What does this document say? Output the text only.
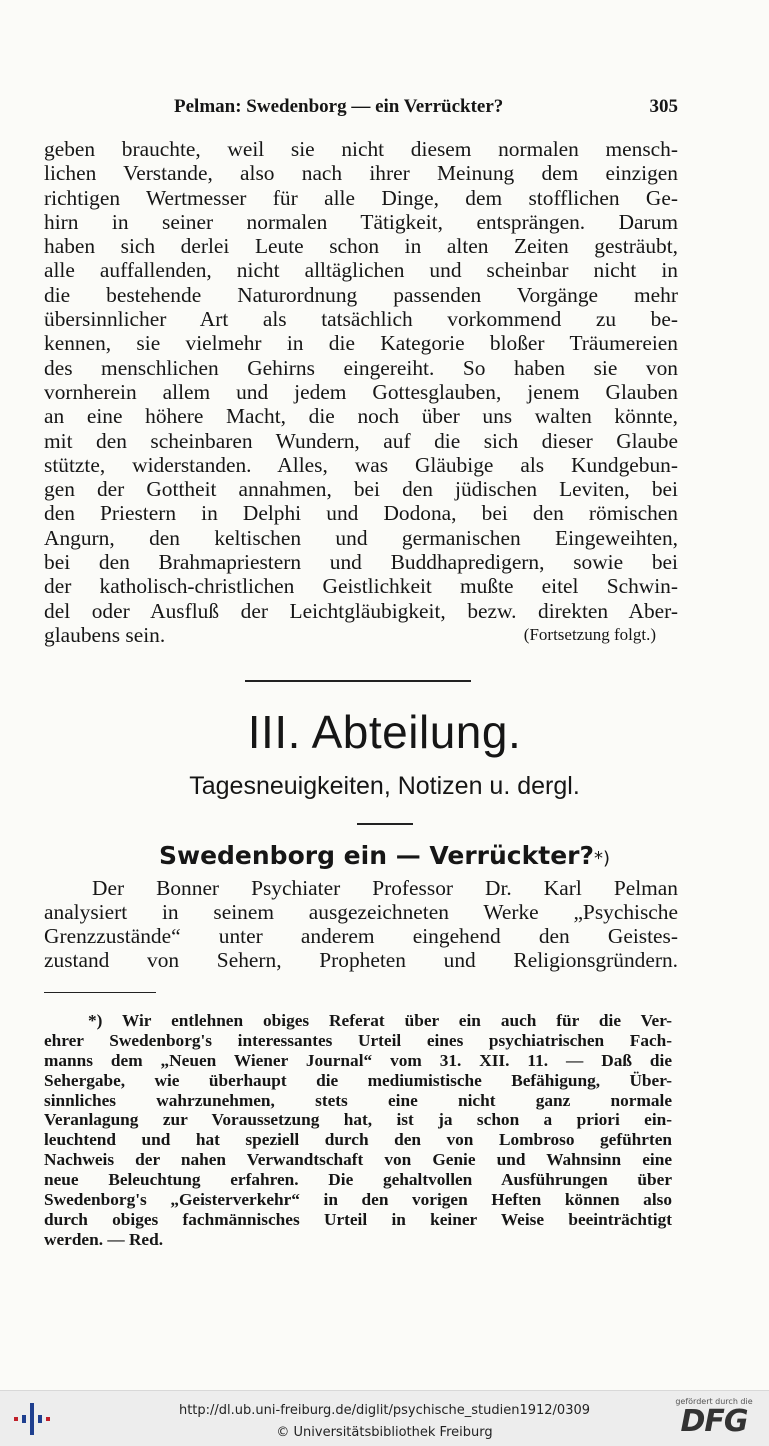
Pelman: Swedenborg — ein Verrückter?	305
geben brauchte, weil sie nicht diesem normalen mensch-
lichen Verstande, also nach ihrer Meinung dem einzigen
richtigen Wertmesser für alle Dinge, dem stofflichen Ge-
hirn in seiner normalen Tätigkeit, entsprängen. Darum
haben sich derlei Leute schon in alten Zeiten gesträubt,
alle auffallenden, nicht alltäglichen und scheinbar nicht in
die bestehende Naturordnung passenden Vorgänge mehr
übersinnlicher Art als tatsächlich vorkommend zu be-
kennen, sie vielmehr in die Kategorie bloßer Träumereien
des menschlichen Gehirns eingereiht. So haben sie von
vornherein allem und jedem Gottesglauben, jenem Glauben
an eine höhere Macht, die noch über uns walten könnte,
mit den scheinbaren Wundern, auf die sich dieser Glaube
stützte, widerstanden. Alles, was Gläubige als Kundgebun-
gen der Gottheit annahmen, bei den jüdischen Leviten, bei
den Priestern in Delphi und Dodona, bei den römischen
Angurn, den keltischen und germanischen Eingeweihten,
bei den Brahmapriestern und Buddhapredigern, sowie bei
der katholisch-christlichen Geistlichkeit mußte eitel Schwin-
del oder Ausfluß der Leichtgläubigkeit, bezw. direkten Aber-
glaubens sein.	(Fortsetzung folgt.)
III. Abteilung.
Tagesneuigkeiten, Notizen u. dergl.
Swedenborg ein — Verrückter?*)
Der Bonner Psychiater Professor Dr. Karl Pelman
analysiert in seinem ausgezeichneten Werke „Psychische
Grenzzustände“ unter anderem eingehend den Geistes-
zustand von Sehern, Propheten und Religionsgründern.
*) Wir entlehnen obiges Referat über ein auch für die Ver-
ehrer Swedenborg's interessantes Urteil eines psychiatrischen Fach-
manns dem „Neuen Wiener Journal“ vom 31. XII. 11. — Daß die
Sehergabe, wie überhaupt die mediumistische Befähigung, Über-
sinnliches wahrzunehmen, stets eine nicht ganz normale
Veranlagung zur Voraussetzung hat, ist ja schon a priori ein-
leuchtend und hat speziell durch den von Lombroso geführten
Nachweis der nahen Verwandtschaft von Genie und Wahnsinn eine
neue Beleuchtung erfahren. Die gehaltvollen Ausführungen über
Swedenborg's „Geisterverkehr“ in den vorigen Heften können also
durch obiges fachmännisches Urteil in keiner Weise beeinträchtigt
werden. — Red.
http://dl.ub.uni-freiburg.de/diglit/psychische_studien1912/0309
© Universitätsbibliothek Freiburg
gefördert durch die
DFG
